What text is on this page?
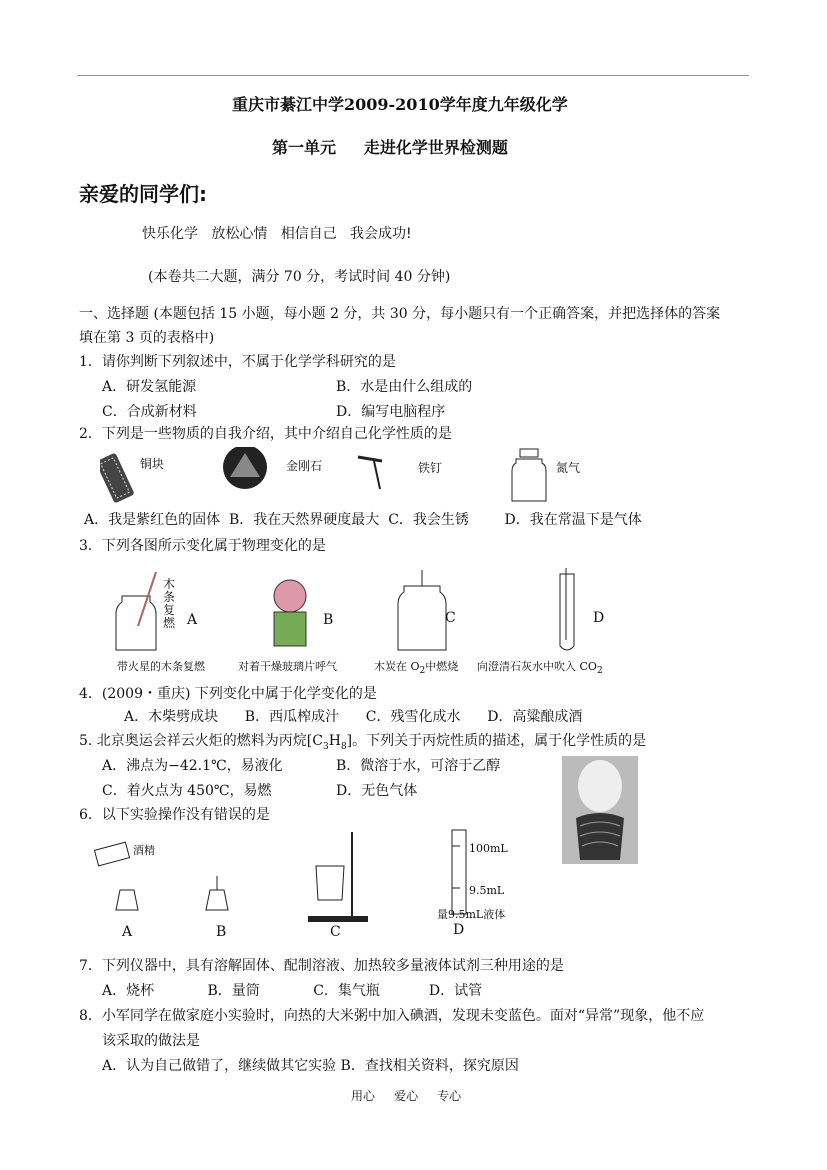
重庆市綦江中学2009-2010学年度九年级化学
第一单元     走进化学世界检测题
亲爱的同学们:
快乐化学   放松心情   相信自己   我会成功!
(本卷共二大题，满分 70 分，考试时间 40 分钟)
一、选择题 (本题包括 15 小题，每小题 2 分，共 30 分，每小题只有一个正确答案，并把选择体的答案
填在第 3 页的表格中)
1．请你判断下列叙述中，不属于化学学科研究的是
A．研发氢能源	B．水是由什么组成的
C．合成新材料	D．编写电脑程序
2．下列是一些物质的自我介绍，其中介绍自己化学性质的是
铜块	金刚石	铁钉	氮气
A．我是紫红色的固体  B．我在天然界硬度最大  C．我会生锈        D．我在常温下是气体
3．下列各图所示变化属于物理变化的是
木条复燃 A	B	C	D
带火星的木条复燃	对着干燥玻璃片呼气	木炭在 $O_2$中燃烧 向澄清石灰水中吹入 $CO_2$
4．(2009・重庆) 下列变化中属于化学变化的是
A．木柴劈成块      B．西瓜榨成汁      C．残雪化成水      D．高粱酿成酒
5. 北京奥运会祥云火炬的燃料为丙烷$[C_3H_8]$。下列关于丙烷性质的描述，属于化学性质的是
A．沸点为−42.1℃，易液化	B．微溶于水，可溶于乙醇
C．着火点为 450℃，易燃	D．无色气体
6．以下实验操作没有错误的是
酒精	100mL
9.5mL
量9.5mL液体
A	B	C	D
7．下列仪器中，具有溶解固体、配制溶液、加热较多量液体试剂三种用途的是
A．烧杯            B．量筒            C．集气瓶           D．试管
8．小军同学在做家庭小实验时，向热的大米粥中加入碘酒，发现未变蓝色。面对“异常”现象，他不应
该采取的做法是
A．认为自己做错了，继续做其它实验 B．查找相关资料，探究原因
用心     爱心     专心
